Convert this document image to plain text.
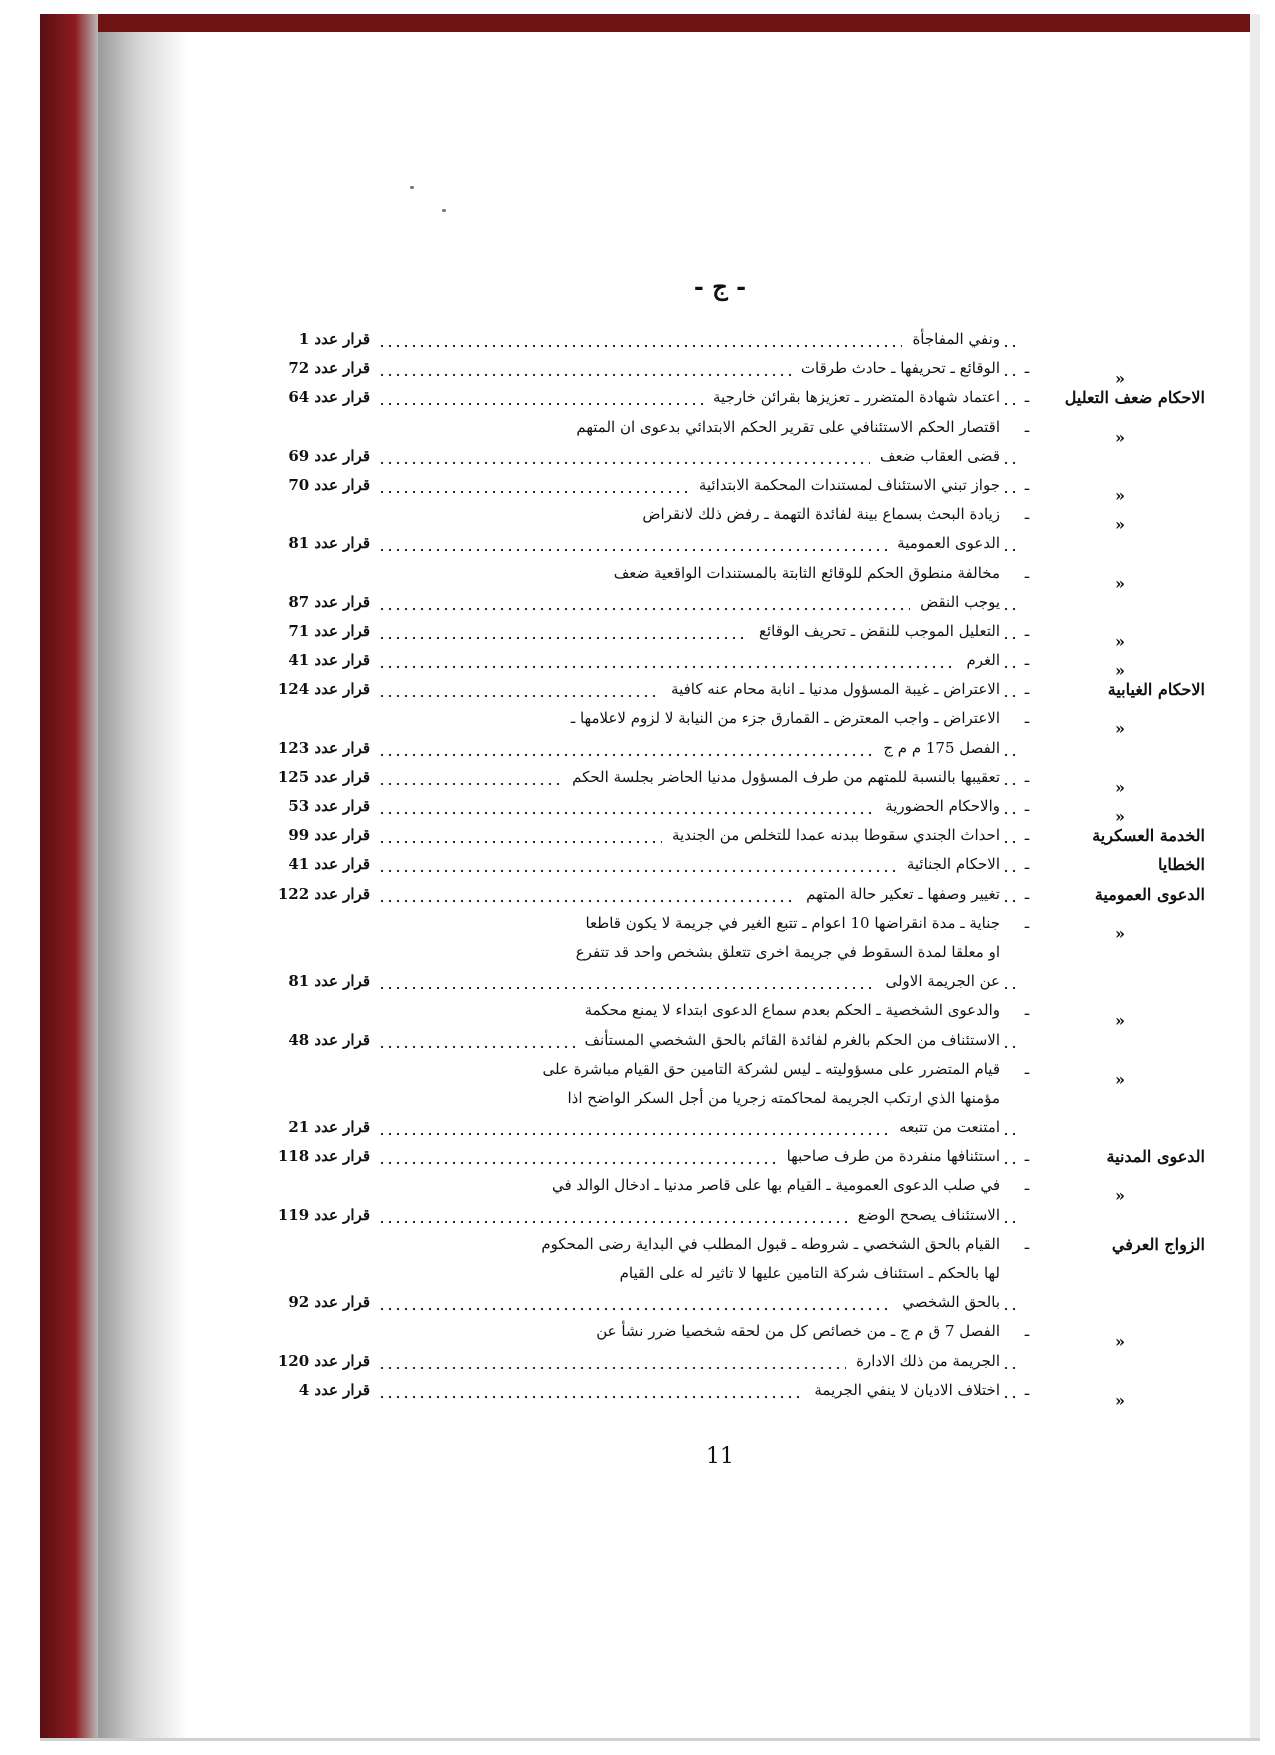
- ج -
قرار عدد 1	ونفي المفاجأة
قرار عدد 72	الوقائع ـ تحريفها ـ حادث طرقات	ـ
»
قرار عدد 64	اعتماد شهادة المتضرر ـ تعزيزها بقرائن خارجية	ـ	الاحكام ضعف التعليل
اقتصار الحكم الاستئنافي على تقرير الحكم الابتدائي بدعوى ان المتهم	ـ
»
قرار عدد 69	قضى العقاب ضعف
قرار عدد 70	جواز تبني الاستئناف لمستندات المحكمة الابتدائية	ـ
»
زيادة البحث بسماع بينة لفائدة التهمة ـ رفض ذلك لانقراض	ـ
»
قرار عدد 81	الدعوى العمومية
مخالفة منطوق الحكم للوقائع الثابتة بالمستندات الواقعية ضعف	ـ
»
قرار عدد 87	يوجب النقض
قرار عدد 71	التعليل الموجب للنقض ـ تحريف الوقائع	ـ
»
قرار عدد 41	الغرم	ـ
»
قرار عدد 124	الاعتراض ـ غيبة المسؤول مدنيا ـ انابة محام عنه كافية	ـ	الاحكام الغيابية
الاعتراض ـ واجب المعترض ـ القمارق جزء من النيابة لا لزوم لاعلامها ـ	ـ
»
قرار عدد 123	الفصل 175 م م ج
قرار عدد 125	تعقيبها بالنسبة للمتهم من طرف المسؤول مدنيا الحاضر بجلسة الحكم	ـ
»
قرار عدد 53	والاحكام الحضورية	ـ
»
قرار عدد 99	احداث الجندي سقوطا ببدنه عمدا للتخلص من الجندية	ـ	الخدمة العسكرية
قرار عدد 41	الاحكام الجنائية	ـ	الخطايا
قرار عدد 122	تغيير وصفها ـ تعكير حالة المتهم	ـ	الدعوى العمومية
جناية ـ مدة انقراضها 10 اعوام ـ تتبع الغير في جريمة لا يكون قاطعا	ـ
»
او معلقا لمدة السقوط في جريمة اخرى تتعلق بشخص واحد قد تتفرع
قرار عدد 81	عن الجريمة الاولى
والدعوى الشخصية ـ الحكم بعدم سماع الدعوى ابتداء لا يمنع محكمة	ـ
»
قرار عدد 48	الاستئناف من الحكم بالغرم لفائدة القائم بالحق الشخصي المستأنف
قيام المتضرر على مسؤوليته ـ ليس لشركة التامين حق القيام مباشرة على	ـ
»
مؤمنها الذي ارتكب الجريمة لمحاكمته زجريا من أجل السكر الواضح اذا
قرار عدد 21	امتنعت من تتبعه
قرار عدد 118	استئنافها منفردة من طرف صاحبها	ـ	الدعوى المدنية
في صلب الدعوى العمومية ـ القيام بها على قاصر مدنيا ـ ادخال الوالد في	ـ
»
قرار عدد 119	الاستئناف يصحح الوضع
القيام بالحق الشخصي ـ شروطه ـ قبول المطلب في البداية رضى المحكوم	ـ	الزواج العرفي
لها بالحكم ـ استئناف شركة التامين عليها لا تاثير له على القيام
قرار عدد 92	بالحق الشخصي
الفصل 7 ق م ج ـ من خصائص كل من لحقه شخصيا ضرر نشأ عن	ـ
»
قرار عدد 120	الجريمة من ذلك الادارة
قرار عدد 4	اختلاف الاديان لا ينفي الجريمة	ـ
»
11
